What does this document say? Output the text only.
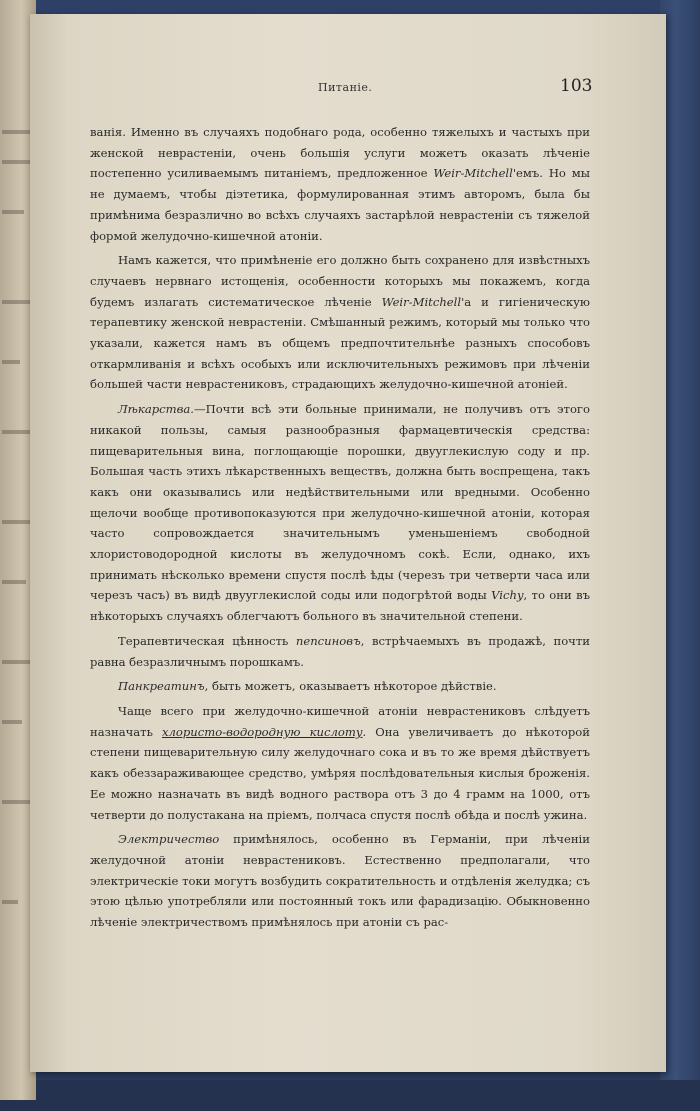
Питаніе.	103

ванія. Именно въ случаяхъ подобнаго рода, особенно тяжелыхъ и частыхъ при женской неврастеніи, очень большія услуги можетъ оказать лѣченіе постепенно усиливаемымъ питаніемъ, предложенное Weir-Mitchell'емъ. Но мы не думаемъ, чтобы діэтетика, формулированная этимъ авторомъ, была бы примѣнима безразлично во всѣхъ случаяхъ застарѣлой неврастеніи съ тяжелой формой желудочно-кишечной атоніи.

Намъ кажется, что примѣненіе его должно быть сохранено для извѣстныхъ случаевъ нервнаго истощенія, особенности которыхъ мы покажемъ, когда будемъ излагать систематическое лѣченіе Weir-Mitchell'а и гигіеническую терапевтику женской неврастеніи. Смѣшанный режимъ, который мы только что указали, кажется намъ въ общемъ предпочтительнѣе разныхъ способовъ откармливанія и всѣхъ особыхъ или исключительныхъ режимовъ при лѣченіи большей части неврастениковъ, страдающихъ желудочно-кишечной атоніей.

Лѣкарства.—Почти всѣ эти больные принимали, не получивъ отъ этого никакой пользы, самыя разнообразныя фармацевтическія средства: пищеварительныя вина, поглощающіе порошки, двууглекислую соду и пр. Большая часть этихъ лѣкарственныхъ веществъ, должна быть воспрещена, такъ какъ они оказывались или недѣйствительными или вредными. Особенно щелочи вообще противопоказуются при желудочно-кишечной атоніи, которая часто сопровождается значительнымъ уменьшеніемъ свободной хлористоводородной кислоты въ желудочномъ сокѣ. Если, однако, ихъ принимать нѣсколько времени спустя послѣ ѣды (черезъ три четверти часа или черезъ часъ) въ видѣ двууглекислой соды или подогрѣтой воды Vichy, то они въ нѣкоторыхъ случаяхъ облегчаютъ больного въ значительной степени.

Терапевтическая цѣнность пепсиновъ, встрѣчаемыхъ въ продажѣ, почти равна безразличнымъ порошкамъ.

Панкреатинъ, быть можетъ, оказываетъ нѣкоторое дѣйствіе.

Чаще всего при желудочно-кишечной атоніи неврастениковъ слѣдуетъ назначать хлористо-водородную кислоту. Она увеличиваетъ до нѣкоторой степени пищеварительную силу желудочнаго сока и въ то же время дѣйствуетъ какъ обеззараживающее средство, умѣряя послѣдовательныя кислыя броженія. Ее можно назначать въ видѣ водного раствора отъ 3 до 4 грамм на 1000, отъ четверти до полустакана на пріемъ, полчаса спустя послѣ обѣда и послѣ ужина.

Электричество примѣнялось, особенно въ Германіи, при лѣченіи желудочной атоніи неврастениковъ. Естественно предполагали, что электрическіе токи могутъ возбудить сократительность и отдѣленія желудка; съ этою цѣлью употребляли или постоянный токъ или фарадизацію. Обыкновенно лѣченіе электричествомъ примѣнялось при атоніи съ рас-
